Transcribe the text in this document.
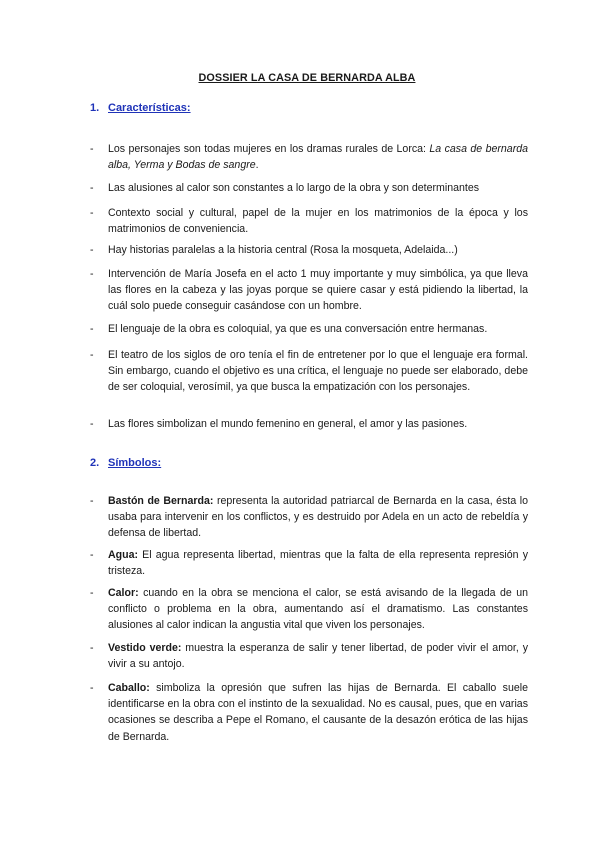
DOSSIER LA CASA DE BERNARDA ALBA
1. Características:
- Los personajes son todas mujeres en los dramas rurales de Lorca: La casa de bernarda alba, Yerma y Bodas de sangre.
- Las alusiones al calor son constantes a lo largo de la obra y son determinantes
- Contexto social y cultural, papel de la mujer en los matrimonios de la época y los matrimonios de conveniencia.
- Hay historias paralelas a la historia central (Rosa la mosqueta, Adelaida...)
- Intervención de María Josefa en el acto 1 muy importante y muy simbólica, ya que lleva las flores en la cabeza y las joyas porque se quiere casar y está pidiendo la libertad, la cuál solo puede conseguir casándose con un hombre.
- El lenguaje de la obra es coloquial, ya que es una conversación entre hermanas.
- El teatro de los siglos de oro tenía el fin de entretener por lo que el lenguaje era formal. Sin embargo, cuando el objetivo es una crítica, el lenguaje no puede ser elaborado, debe de ser coloquial, verosímil, ya que busca la empatización con los personajes.
- Las flores simbolizan el mundo femenino en general, el amor y las pasiones.
2. Símbolos:
- Bastón de Bernarda: representa la autoridad patriarcal de Bernarda en la casa, ésta lo usaba para intervenir en los conflictos, y es destruido por Adela en un acto de rebeldía y defensa de libertad.
- Agua: El agua representa libertad, mientras que la falta de ella representa represión y tristeza.
- Calor: cuando en la obra se menciona el calor, se está avisando de la llegada de un conflicto o problema en la obra, aumentando así el dramatismo. Las constantes alusiones al calor indican la angustia vital que viven los personajes.
- Vestido verde: muestra la esperanza de salir y tener libertad, de poder vivir el amor, y vivir a su antojo.
- Caballo: simboliza la opresión que sufren las hijas de Bernarda. El caballo suele identificarse en la obra con el instinto de la sexualidad. No es causal, pues, que en varias ocasiones se describa a Pepe el Romano, el causante de la desazón erótica de las hijas de Bernarda.
